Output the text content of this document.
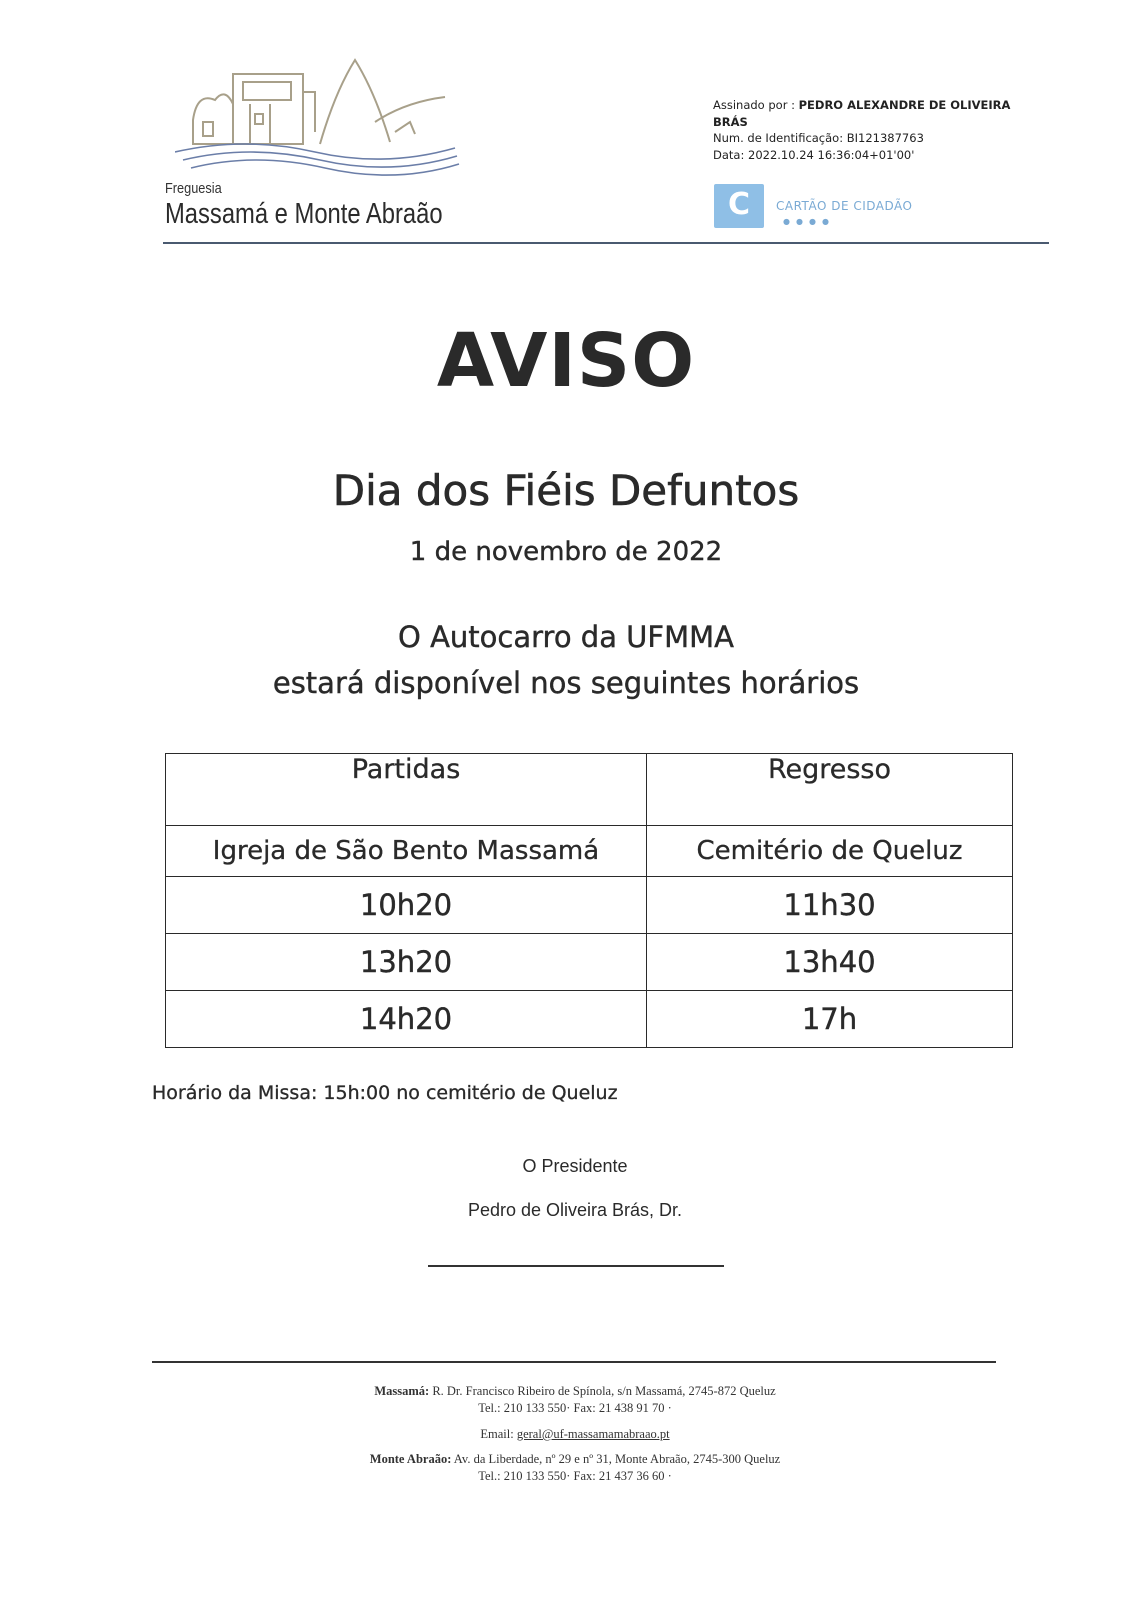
Freguesia
Massamá e Monte Abraão
Assinado por : PEDRO ALEXANDRE DE OLIVEIRA BRÁS
Num. de Identificação: BI121387763
Data: 2022.10.24 16:36:04+01'00'
C CARTÃO DE CIDADÃO
●●●●
AVISO
Dia dos Fiéis Defuntos
1 de novembro de 2022
O Autocarro da UFMMA
estará disponível nos seguintes horários
Partidas	Regresso
Igreja de São Bento Massamá	Cemitério de Queluz
10h20	11h30
13h20	13h40
14h20	17h
Horário da Missa: 15h:00 no cemitério de Queluz
O Presidente
Pedro de Oliveira Brás, Dr.
Massamá: R. Dr. Francisco Ribeiro de Spínola, s/n Massamá, 2745-872 Queluz
Tel.: 210 133 550· Fax: 21 438 91 70 ·
Email: geral@uf-massamamabraao.pt
Monte Abraão: Av. da Liberdade, nº 29 e nº 31, Monte Abraão, 2745-300 Queluz
Tel.: 210 133 550· Fax: 21 437 36 60 ·
